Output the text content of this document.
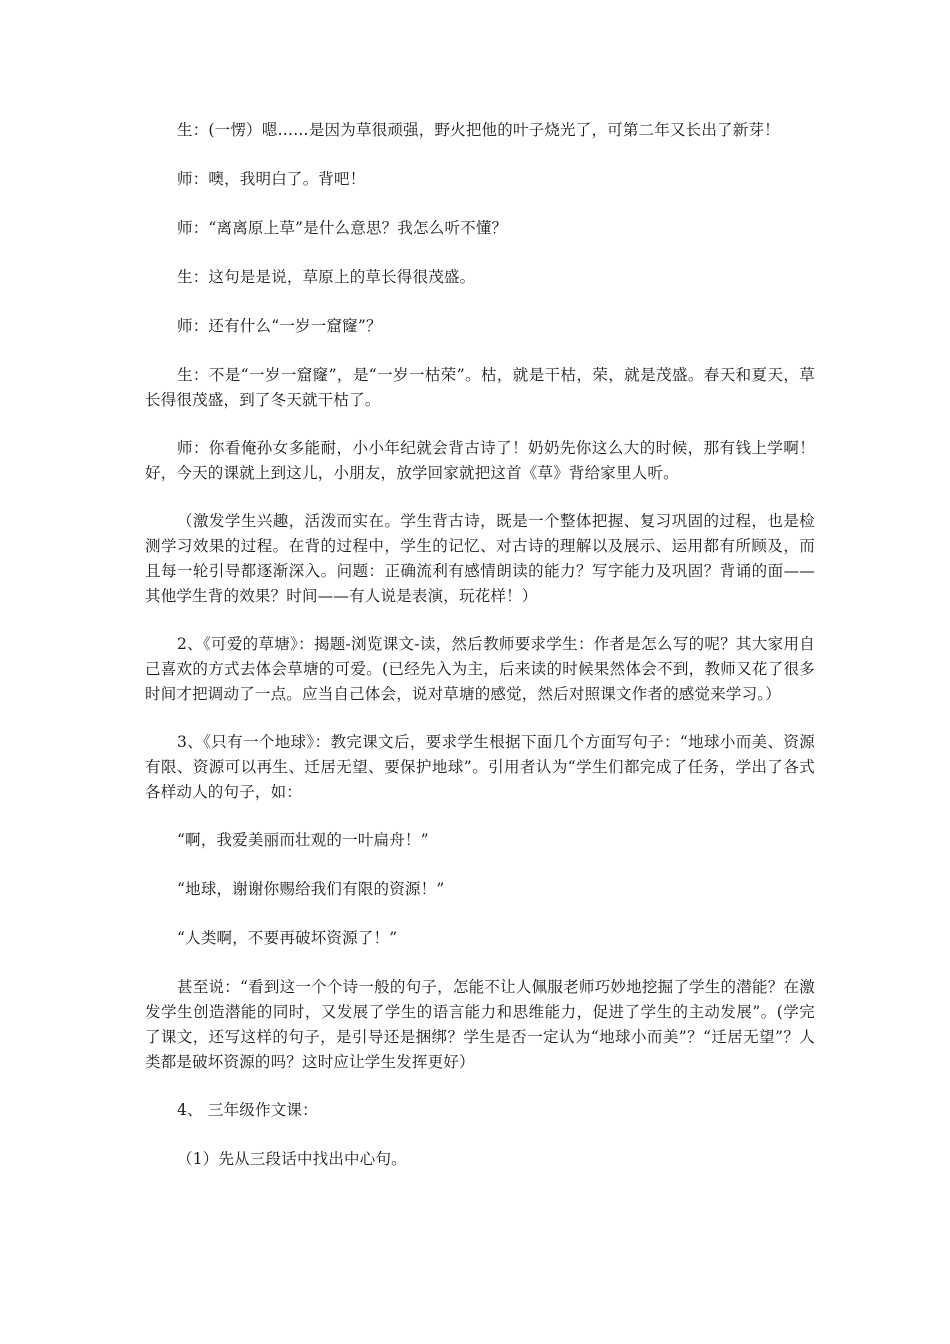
生：(一愣）嗯……是因为草很顽强，野火把他的叶子烧光了，可第二年又长出了新芽！

师：噢，我明白了。背吧！

师：“离离原上草”是什么意思？我怎么听不懂？

生：这句是是说，草原上的草长得很茂盛。

师：还有什么“一岁一窟窿”？

生：不是“一岁一窟窿”，是“一岁一枯荣”。枯，就是干枯，荣，就是茂盛。春天和夏天，草长得很茂盛，到了冬天就干枯了。

师：你看俺孙女多能耐，小小年纪就会背古诗了！奶奶先你这么大的时候，那有钱上学啊！好，今天的课就上到这儿，小朋友，放学回家就把这首《草》背给家里人听。

（激发学生兴趣，活泼而实在。学生背古诗，既是一个整体把握、复习巩固的过程，也是检测学习效果的过程。在背的过程中，学生的记忆、对古诗的理解以及展示、运用都有所顾及，而且每一轮引导都逐渐深入。问题：正确流利有感情朗读的能力？写字能力及巩固？背诵的面——其他学生背的效果？时间——有人说是表演，玩花样！）

2、《可爱的草塘》：揭题-浏览课文-读，然后教师要求学生：作者是怎么写的呢？其大家用自己喜欢的方式去体会草塘的可爱。(已经先入为主，后来读的时候果然体会不到，教师又花了很多时间才把调动了一点。应当自己体会，说对草塘的感觉，然后对照课文作者的感觉来学习。）

3、《只有一个地球》：教完课文后，要求学生根据下面几个方面写句子：“地球小而美、资源有限、资源可以再生、迁居无望、要保护地球”。引用者认为“学生们都完成了任务，学出了各式各样动人的句子，如：

“啊，我爱美丽而壮观的一叶扁舟！”

“地球，谢谢你赐给我们有限的资源！”

“人类啊，不要再破坏资源了！”

甚至说：“看到这一个个诗一般的句子，怎能不让人佩服老师巧妙地挖掘了学生的潜能？在激发学生创造潜能的同时，又发展了学生的语言能力和思维能力，促进了学生的主动发展”。(学完了课文，还写这样的句子，是引导还是捆绑？学生是否一定认为“地球小而美”？“迁居无望”？人类都是破坏资源的吗？这时应让学生发挥更好）

4、 三年级作文课：

（1）先从三段话中找出中心句。
